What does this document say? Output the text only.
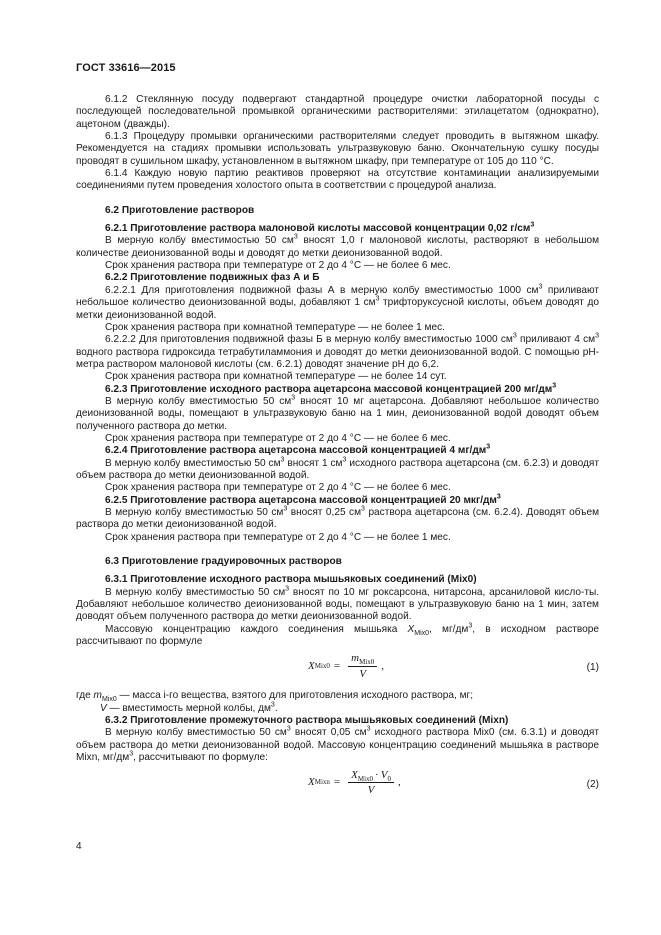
ГОСТ 33616—2015

6.1.2 Стеклянную посуду подвергают стандартной процедуре очистки лабораторной посуды с последующей последовательной промывкой органическими растворителями: этилацетатом (однократно), ацетоном (дважды).

6.1.3 Процедуру промывки органическими растворителями следует проводить в вытяжном шкафу. Рекомендуется на стадиях промывки использовать ультразвуковую баню. Окончательную сушку посуды проводят в сушильном шкафу, установленном в вытяжном шкафу, при температуре от 105 до 110 °С.

6.1.4 Каждую новую партию реактивов проверяют на отсутствие контаминации анализируемыми соединениями путем проведения холостого опыта в соответствии с процедурой анализа.

6.2 Приготовление растворов

6.2.1 Приготовление раствора малоновой кислоты массовой концентрации 0,02 $г/см^3$

В мерную колбу вместимостью 50 $см^3$ вносят 1,0 г малоновой кислоты, растворяют в небольшом количестве деионизованной воды и доводят до метки деионизованной водой.

Срок хранения раствора при температуре от 2 до 4 °С — не более 6 мес.

6.2.2 Приготовление подвижных фаз А и Б

6.2.2.1 Для приготовления подвижной фазы А в мерную колбу вместимостью 1000 $см^3$ приливают небольшое количество деионизованной воды, добавляют 1 $см^3$ трифторуксусной кислоты, объем доводят до метки деионизованной водой.

Срок хранения раствора при комнатной температуре — не более 1 мес.

6.2.2.2 Для приготовления подвижной фазы Б в мерную колбу вместимостью 1000 $см^3$ приливают 4 $см^3$ водного раствора гидроксида тетрабутиламмония и доводят до метки деионизованной водой. С помощью рН-метра раствором малоновой кислоты (см. 6.2.1) доводят значение рН до 6,2.

Срок хранения раствора при комнатной температуре — не более 14 сут.

6.2.3 Приготовление исходного раствора ацетарсона массовой концентрацией 200 $мг/дм^3$

В мерную колбу вместимостью 50 $см^3$ вносят 10 мг ацетарсона. Добавляют небольшое количество деионизованной воды, помещают в ультразвуковую баню на 1 мин, деионизованной водой доводят объем полученного раствора до метки.

Срок хранения раствора при температуре от 2 до 4 °С — не более 6 мес.

6.2.4 Приготовление раствора ацетарсона массовой концентрацией 4 $мг/дм^3$

В мерную колбу вместимостью 50 $см^3$ вносят 1 $см^3$ исходного раствора ацетарсона (см. 6.2.3) и доводят объем раствора до метки деионизованной водой.

Срок хранения раствора при температуре от 2 до 4 °С — не более 6 мес.

6.2.5 Приготовление раствора ацетарсона массовой концентрацией 20 мкг/$дм^3$

В мерную колбу вместимостью 50 $см^3$ вносят 0,25 $см^3$ раствора ацетарсона (см. 6.2.4). Доводят объем раствора до метки деионизованной водой.

Срок хранения раствора при температуре от 2 до 4 °С — не более 1 мес.

6.3 Приготовление градуировочных растворов

6.3.1 Приготовление исходного раствора мышьяковых соединений (Mix0)

В мерную колбу вместимостью 50 $см^3$ вносят по 10 мг роксарсона, нитарсона, арсаниловой кисло-ты. Добавляют небольшое количество деионизованной воды, помещают в ультразвуковую баню на 1 мин, затем доводят объем полученного раствора до метки деионизованной водой.

Массовую концентрацию каждого соединения мышьяка $X_{Mix0}$, $мг/дм^3$, в исходном растворе рассчитывают по формуле

X $Mix0 = \frac{m_{Mix0}}{V}$ ,	(1)

где $m_{Mix0}$ — масса i-го вещества, взятого для приготовления исходного раствора, мг;

V — вместимость мерной колбы, $дм^3$.

6.3.2 Приготовление промежуточного раствора мышьяковых соединений (Mixn)

В мерную колбу вместимостью 50 $см^3$ вносят 0,05 $см^3$ исходного раствора Mix0 (см. 6.3.1) и доводят объем раствора до метки деионизованной водой. Массовую концентрацию соединений мышьяка в растворе Mixn, $мг/дм^3$, рассчитывают по формуле:

X Mixn = $\frac{X_{Mix0} \cdot V_0}{V}$ ,	(2)
4
